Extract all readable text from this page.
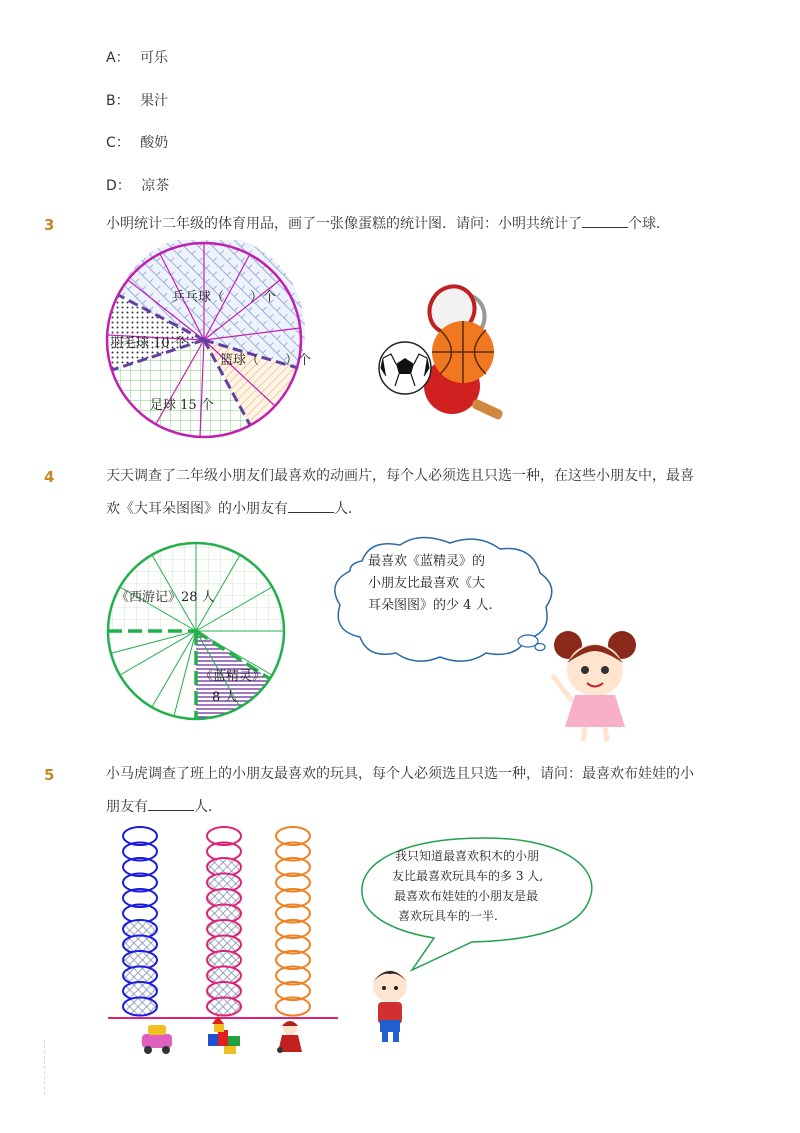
A： 可乐
B： 果汁
C： 酸奶
D： 凉茶
3	小明统计二年级的体育用品，画了一张像蛋糕的统计图．请问：小明共统计了	个球．
乒乓球（　　）个
羽毛球 10 个
篮球（　　）个
足球 15 个
4	天天调查了二年级小朋友们最喜欢的动画片，每个人必须选且只选一种，在这些小朋友中，最喜
欢《大耳朵图图》的小朋友有	人．
《西游记》28 人
《蓝精灵》
8 人
最喜欢《蓝精灵》的
小朋友比最喜欢《大
耳朵图图》的少 4 人.
5	小马虎调查了班上的小朋友最喜欢的玩具，每个人必须选且只选一种，请问：最喜欢布娃娃的小
朋友有	人．
我只知道最喜欢积木的小朋
友比最喜欢玩具车的多 3 人,
最喜欢布娃娃的小朋友是最
喜欢玩具车的一半.
